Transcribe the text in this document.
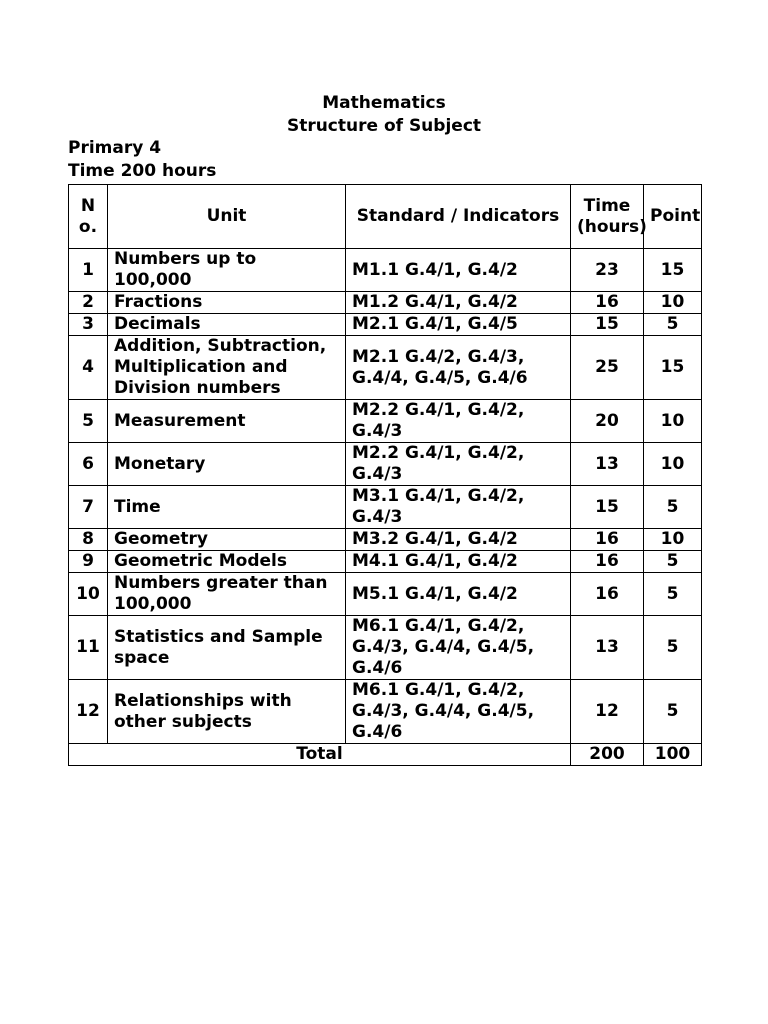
Mathematics
Structure of Subject
Primary 4
Time 200 hours
N o.	Unit	Standard / Indicators	Time (hours)	Point
1	Numbers up to 100,000	M1.1 G.4/1, G.4/2	23	15
2	Fractions	M1.2 G.4/1, G.4/2	16	10
3	Decimals	M2.1 G.4/1, G.4/5	15	5
4	Addition, Subtraction, Multiplication and Division numbers	M2.1 G.4/2, G.4/3, G.4/4, G.4/5, G.4/6	25	15
5	Measurement	M2.2 G.4/1, G.4/2, G.4/3	20	10
6	Monetary	M2.2 G.4/1, G.4/2, G.4/3	13	10
7	Time	M3.1 G.4/1, G.4/2, G.4/3	15	5
8	Geometry	M3.2 G.4/1, G.4/2	16	10
9	Geometric Models	M4.1 G.4/1, G.4/2	16	5
10	Numbers greater than 100,000	M5.1 G.4/1, G.4/2	16	5
11	Statistics and Sample space	M6.1 G.4/1, G.4/2, G.4/3, G.4/4, G.4/5, G.4/6	13	5
12	Relationships with other subjects	M6.1 G.4/1, G.4/2, G.4/3, G.4/4, G.4/5, G.4/6	12	5
Total			200	100
